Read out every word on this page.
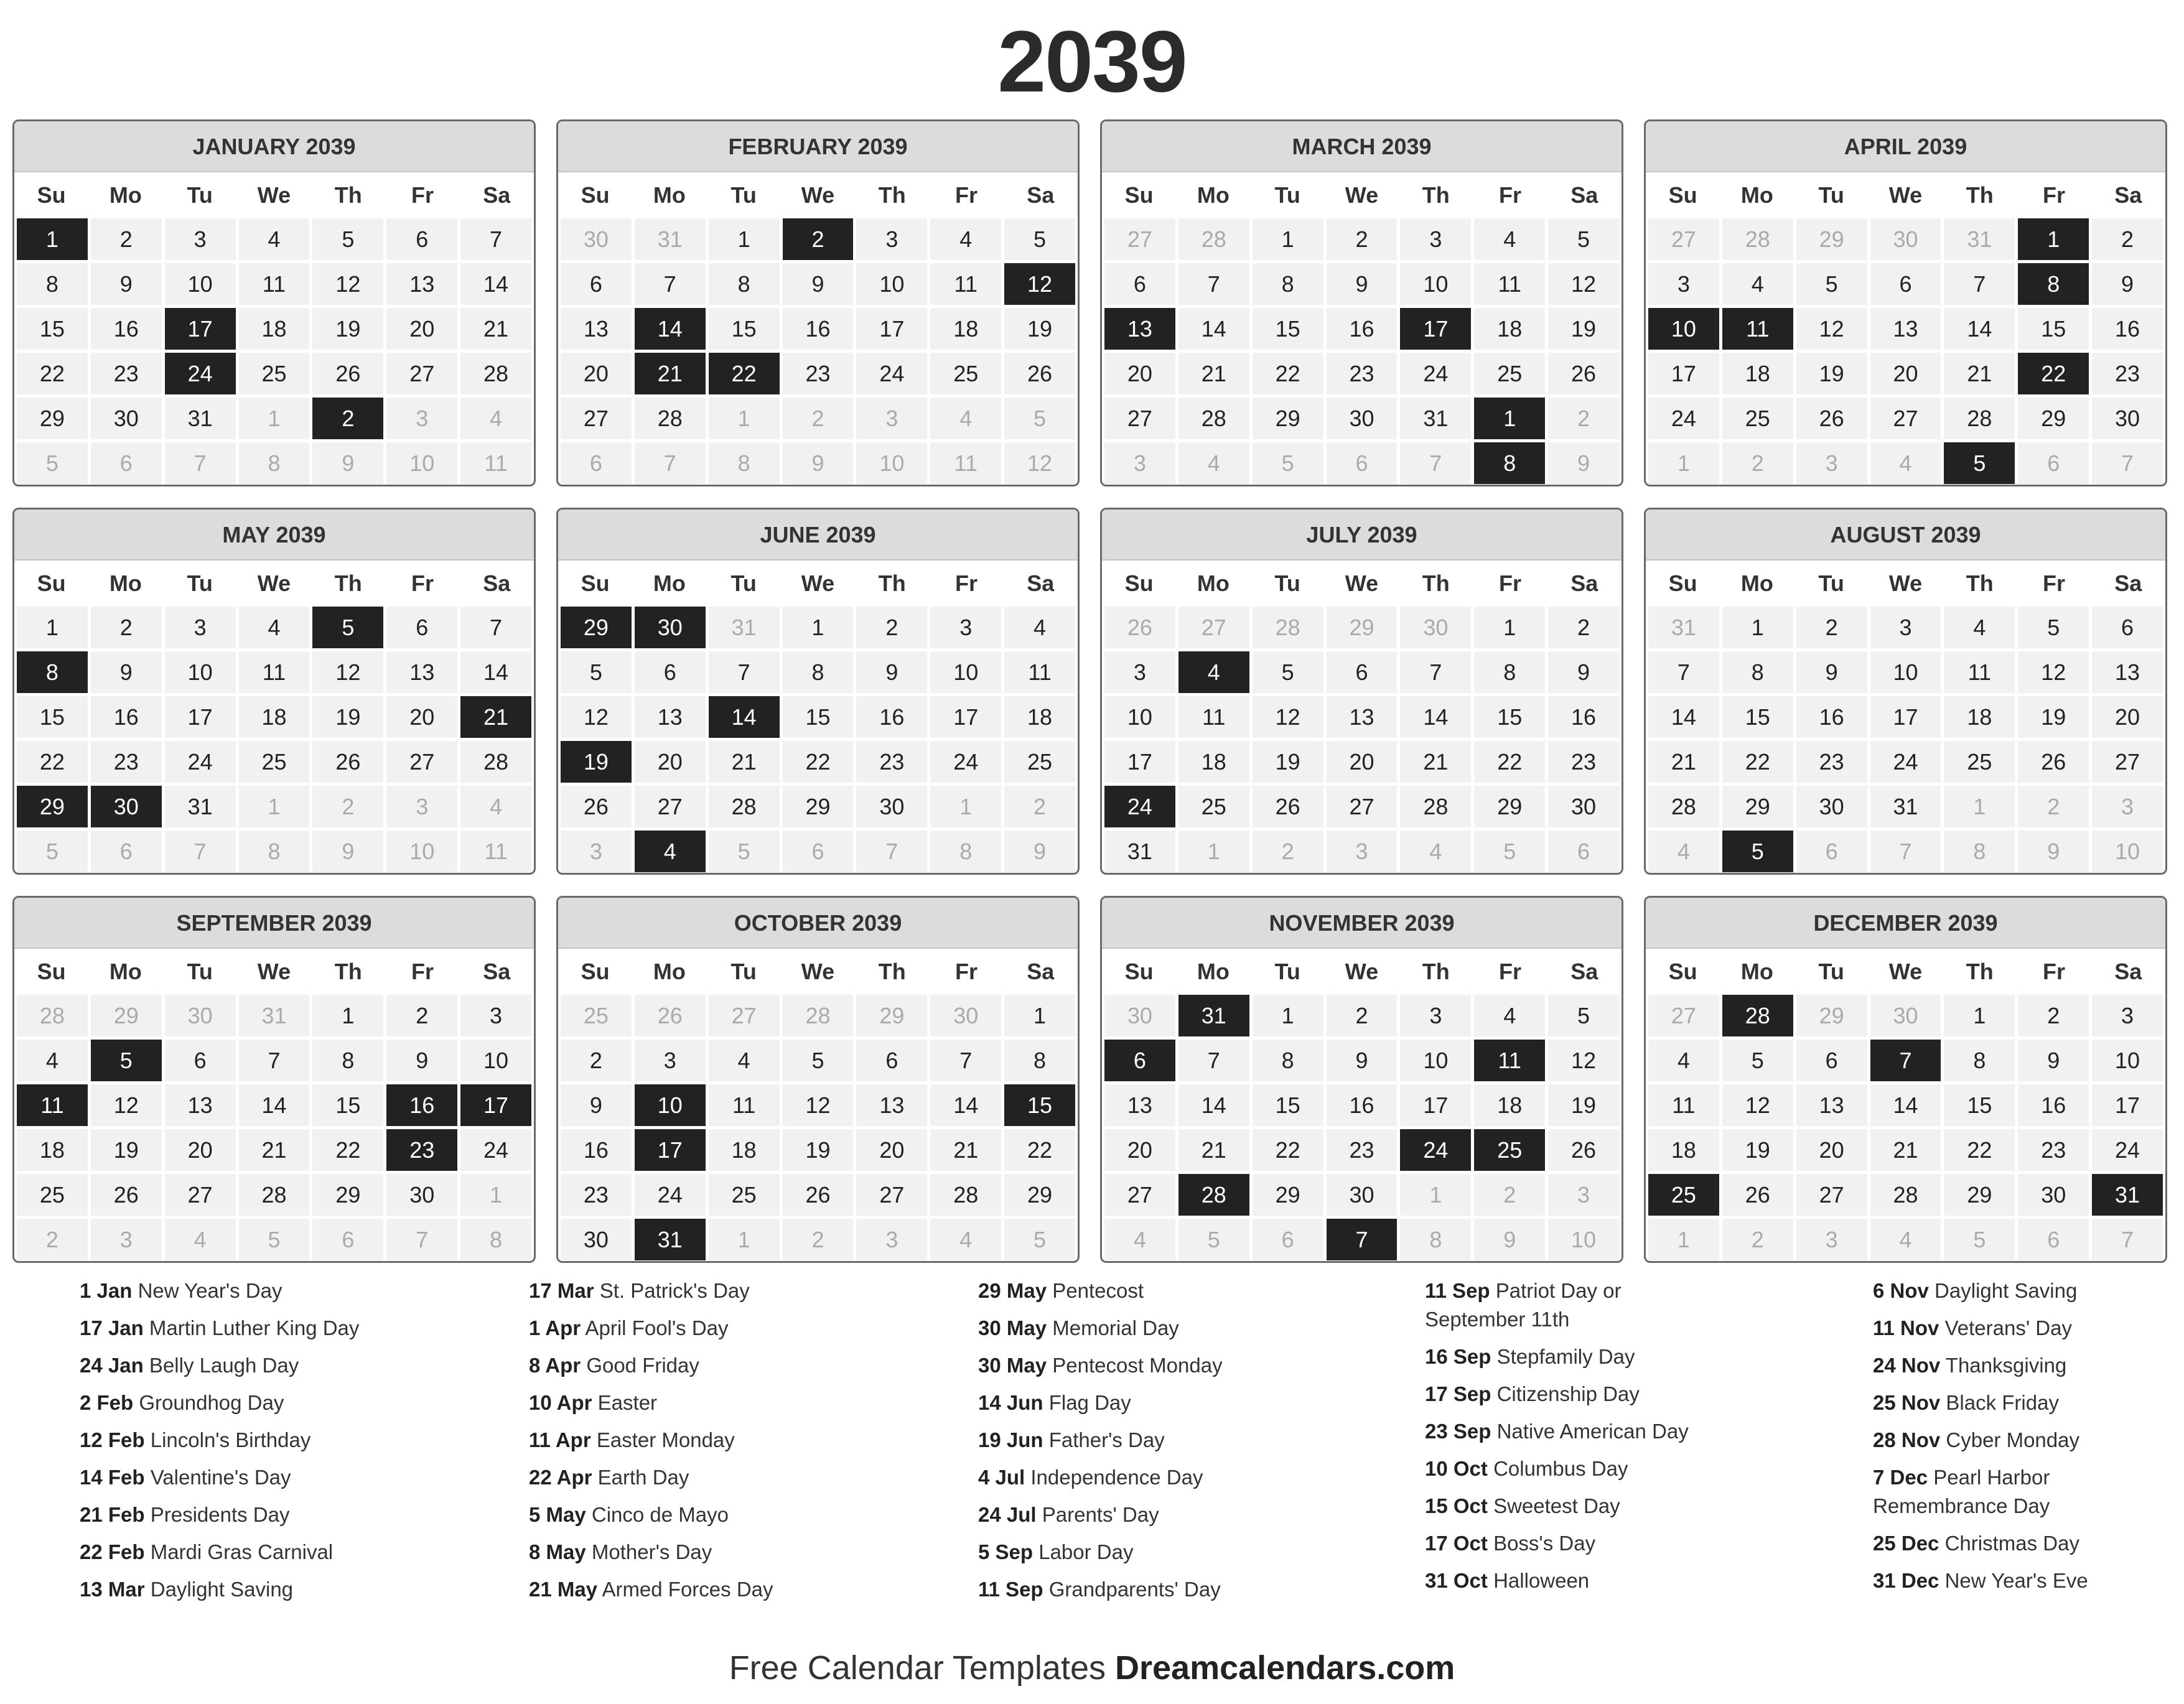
2039
JANUARY 2039
Su	Mo	Tu	We	Th	Fr	Sa
1	2	3	4	5	6	7
8	9	10	11	12	13	14
15	16	17	18	19	20	21
22	23	24	25	26	27	28
29	30	31	1	2	3	4
5	6	7	8	9	10	11
FEBRUARY 2039
Su	Mo	Tu	We	Th	Fr	Sa
30	31	1	2	3	4	5
6	7	8	9	10	11	12
13	14	15	16	17	18	19
20	21	22	23	24	25	26
27	28	1	2	3	4	5
6	7	8	9	10	11	12
MARCH 2039
Su	Mo	Tu	We	Th	Fr	Sa
27	28	1	2	3	4	5
6	7	8	9	10	11	12
13	14	15	16	17	18	19
20	21	22	23	24	25	26
27	28	29	30	31	1	2
3	4	5	6	7	8	9
APRIL 2039
Su	Mo	Tu	We	Th	Fr	Sa
27	28	29	30	31	1	2
3	4	5	6	7	8	9
10	11	12	13	14	15	16
17	18	19	20	21	22	23
24	25	26	27	28	29	30
1	2	3	4	5	6	7
MAY 2039
Su	Mo	Tu	We	Th	Fr	Sa
1	2	3	4	5	6	7
8	9	10	11	12	13	14
15	16	17	18	19	20	21
22	23	24	25	26	27	28
29	30	31	1	2	3	4
5	6	7	8	9	10	11
JUNE 2039
Su	Mo	Tu	We	Th	Fr	Sa
29	30	31	1	2	3	4
5	6	7	8	9	10	11
12	13	14	15	16	17	18
19	20	21	22	23	24	25
26	27	28	29	30	1	2
3	4	5	6	7	8	9
JULY 2039
Su	Mo	Tu	We	Th	Fr	Sa
26	27	28	29	30	1	2
3	4	5	6	7	8	9
10	11	12	13	14	15	16
17	18	19	20	21	22	23
24	25	26	27	28	29	30
31	1	2	3	4	5	6
AUGUST 2039
Su	Mo	Tu	We	Th	Fr	Sa
31	1	2	3	4	5	6
7	8	9	10	11	12	13
14	15	16	17	18	19	20
21	22	23	24	25	26	27
28	29	30	31	1	2	3
4	5	6	7	8	9	10
SEPTEMBER 2039
Su	Mo	Tu	We	Th	Fr	Sa
28	29	30	31	1	2	3
4	5	6	7	8	9	10
11	12	13	14	15	16	17
18	19	20	21	22	23	24
25	26	27	28	29	30	1
2	3	4	5	6	7	8
OCTOBER 2039
Su	Mo	Tu	We	Th	Fr	Sa
25	26	27	28	29	30	1
2	3	4	5	6	7	8
9	10	11	12	13	14	15
16	17	18	19	20	21	22
23	24	25	26	27	28	29
30	31	1	2	3	4	5
NOVEMBER 2039
Su	Mo	Tu	We	Th	Fr	Sa
30	31	1	2	3	4	5
6	7	8	9	10	11	12
13	14	15	16	17	18	19
20	21	22	23	24	25	26
27	28	29	30	1	2	3
4	5	6	7	8	9	10
DECEMBER 2039
Su	Mo	Tu	We	Th	Fr	Sa
27	28	29	30	1	2	3
4	5	6	7	8	9	10
11	12	13	14	15	16	17
18	19	20	21	22	23	24
25	26	27	28	29	30	31
1	2	3	4	5	6	7
1 Jan New Year's Day
17 Jan Martin Luther King Day
24 Jan Belly Laugh Day
2 Feb Groundhog Day
12 Feb Lincoln's Birthday
14 Feb Valentine's Day
21 Feb Presidents Day
22 Feb Mardi Gras Carnival
13 Mar Daylight Saving
17 Mar St. Patrick's Day
1 Apr April Fool's Day
8 Apr Good Friday
10 Apr Easter
11 Apr Easter Monday
22 Apr Earth Day
5 May Cinco de Mayo
8 May Mother's Day
21 May Armed Forces Day
29 May Pentecost
30 May Memorial Day
30 May Pentecost Monday
14 Jun Flag Day
19 Jun Father's Day
4 Jul Independence Day
24 Jul Parents' Day
5 Sep Labor Day
11 Sep Grandparents' Day
11 Sep Patriot Day or September 11th
16 Sep Stepfamily Day
17 Sep Citizenship Day
23 Sep Native American Day
10 Oct Columbus Day
15 Oct Sweetest Day
17 Oct Boss's Day
31 Oct Halloween
6 Nov Daylight Saving
11 Nov Veterans' Day
24 Nov Thanksgiving
25 Nov Black Friday
28 Nov Cyber Monday
7 Dec Pearl Harbor Remembrance Day
25 Dec Christmas Day
31 Dec New Year's Eve
Free Calendar Templates Dreamcalendars.com
